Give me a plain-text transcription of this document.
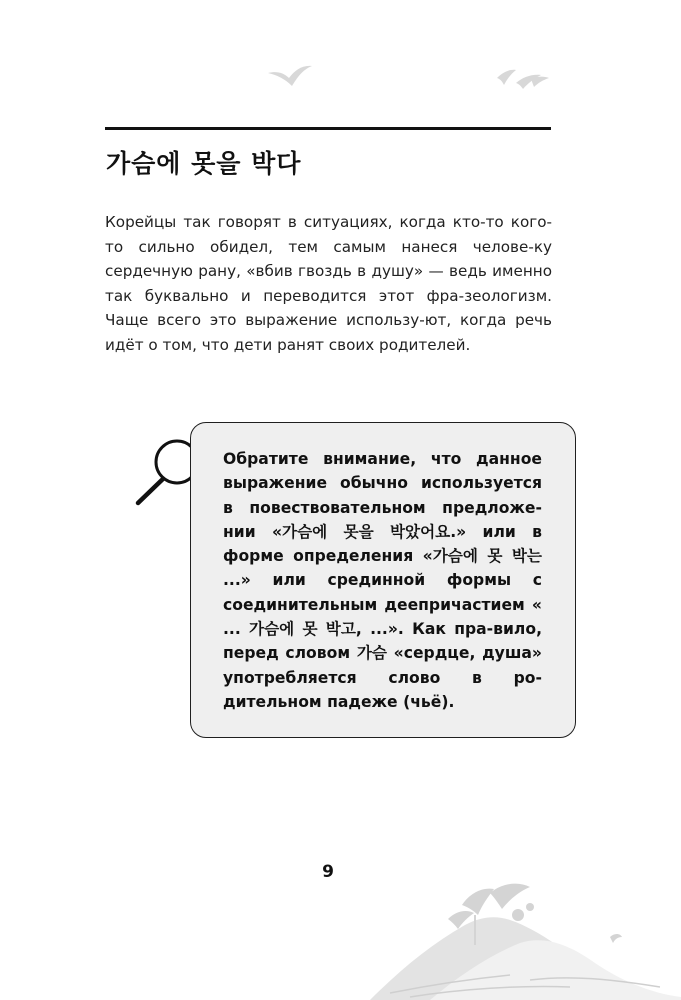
가슴에 못을 박다

Корейцы так говорят в ситуациях, когда кто-то кого-то сильно обидел, тем самым нанеся челове-ку сердечную рану, «вбив гвоздь в душу» — ведь именно так буквально и переводится этот фра-зеологизм. Чаще всего это выражение использу-ют, когда речь идёт о том, что дети ранят своих родителей.

Обратите внимание, что данное выражение обычно используется в повествовательном предложе-нии «가슴에 못을 박았어요.» или в форме определения «가슴에 못 박는 ...» или срединной формы с соединительным деепричастием « ... 가슴에 못 박고, ...». Как пра-вило, перед словом 가슴 «сердце, душа» употребляется слово в ро-дительном падеже (чьё).

9
